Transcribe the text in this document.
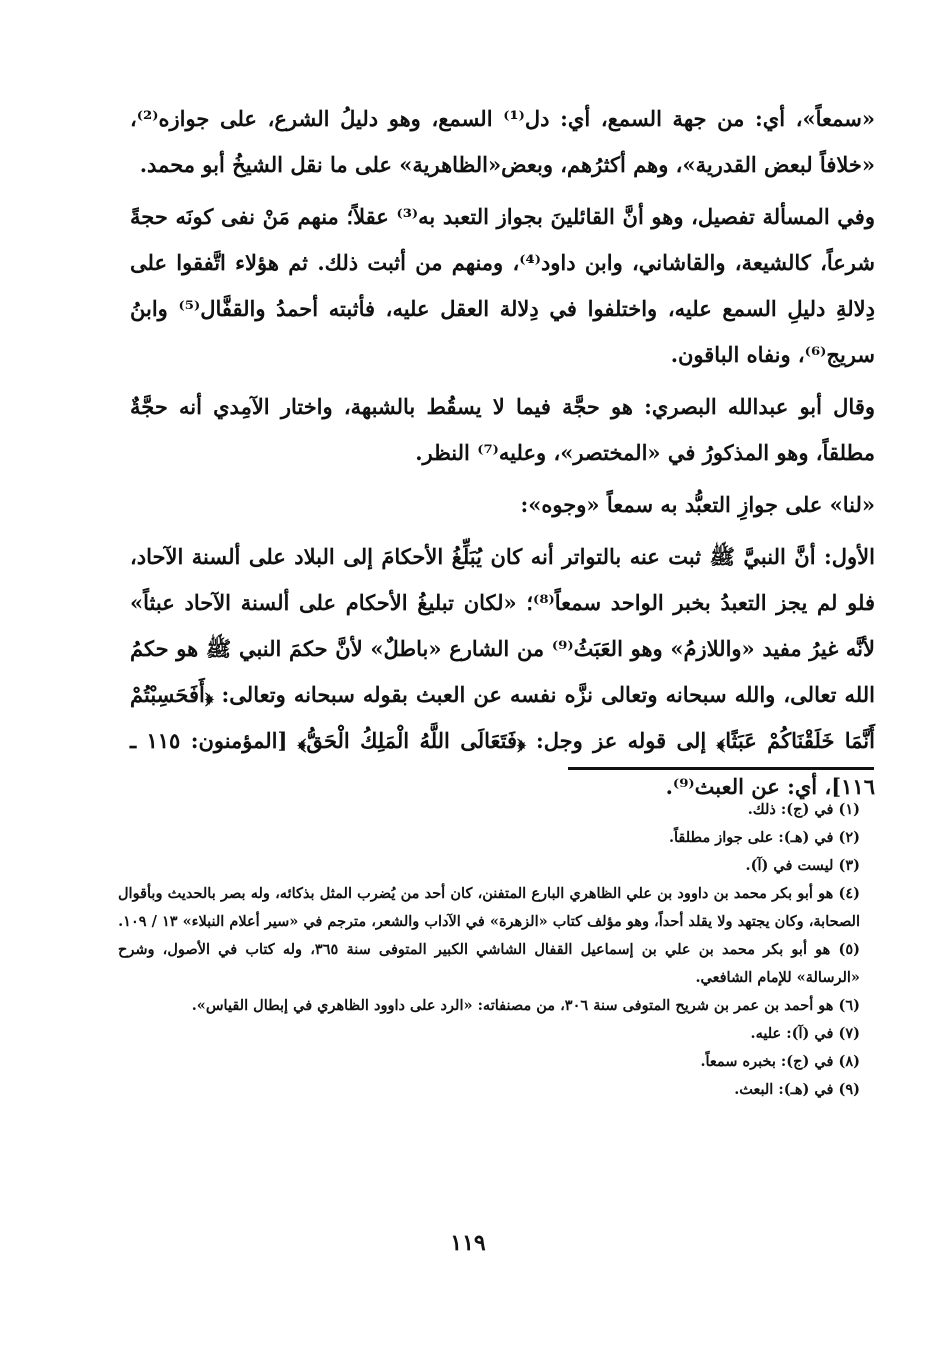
«سمعاً»، أي: من جهة السمع، أي: دل⁽¹⁾ السمع، وهو دليلُ الشرع، على جوازه⁽²⁾، «خلافاً لبعض القدرية»، وهم أكثرُهم، وبعض«الظاهرية» على ما نقل الشيخُ أبو محمد.

وفي المسألة تفصيل، وهو أنَّ القائلينَ بجواز التعبد به⁽³⁾ عقلاً؛ منهم مَنْ نفى كونَه حجةً شرعاً، كالشيعة، والقاشاني، وابن داود⁽⁴⁾، ومنهم من أثبت ذلك. ثم هؤلاء اتَّفقوا على دِلالةِ دليلِ السمع عليه، واختلفوا في دِلالة العقل عليه، فأثبته أحمدُ والقفَّال⁽⁵⁾ وابنُ سريج⁽⁶⁾، ونفاه الباقون.

وقال أبو عبدالله البصري: هو حجَّة فيما لا يسقُط بالشبهة، واختار الآمِدي أنه حجَّةٌ مطلقاً، وهو المذكورُ في «المختصر»، وعليه⁽⁷⁾ النظر.

«لنا» على جوازِ التعبُّد به سمعاً «وجوه»:

الأول: أنَّ النبيَّ ﷺ ثبت عنه بالتواتر أنه كان يُبَلِّغُ الأحكامَ إلى البلاد على ألسنة الآحاد، فلو لم يجز التعبدُ بخبر الواحد سمعاً⁽⁸⁾؛ «لكان تبليغُ الأحكام على ألسنة الآحاد عبثاً» لأنَّه غيرُ مفيد «واللازمُ» وهو العَبَثُ⁽⁹⁾ من الشارع «باطلٌ» لأنَّ حكمَ النبي ﷺ هو حكمُ الله تعالى، والله سبحانه وتعالى نزَّه نفسه عن العبث بقوله سبحانه وتعالى: ﴿أَفَحَسِبْتُمْ أَنَّمَا خَلَقْنَاكُمْ عَبَثًا﴾ إلى قوله عز وجل: ﴿فَتَعَالَى اللَّهُ الْمَلِكُ الْحَقُّ﴾ [المؤمنون: ١١٥ ـ ١١٦]، أي: عن العبث⁽⁹⁾.

(١) في (ج): ذلك.
(٢) في (هـ): على جواز مطلقاً.
(٣) ليست في (آ).
(٤) هو أبو بكر محمد بن داوود بن علي الظاهري البارع المتفنن، كان أحد من يُضرب المثل بذكائه، وله بصر بالحديث وبأقوال الصحابة، وكان يجتهد ولا يقلد أحداً، وهو مؤلف كتاب «الزهرة» في الآداب والشعر، مترجم في «سير أعلام النبلاء» ١٣ / ١٠٩.
(٥) هو أبو بكر محمد بن علي بن إسماعيل القفال الشاشي الكبير المتوفى سنة ٣٦٥، وله كتاب في الأصول، وشرح «الرسالة» للإمام الشافعي.
(٦) هو أحمد بن عمر بن شريح المتوفى سنة ٣٠٦، من مصنفاته: «الرد على داوود الظاهري في إبطال القياس».
(٧) في (آ): عليه.
(٨) في (ج): بخبره سمعاً.
(٩) في (هـ): البعث.
١١٩
